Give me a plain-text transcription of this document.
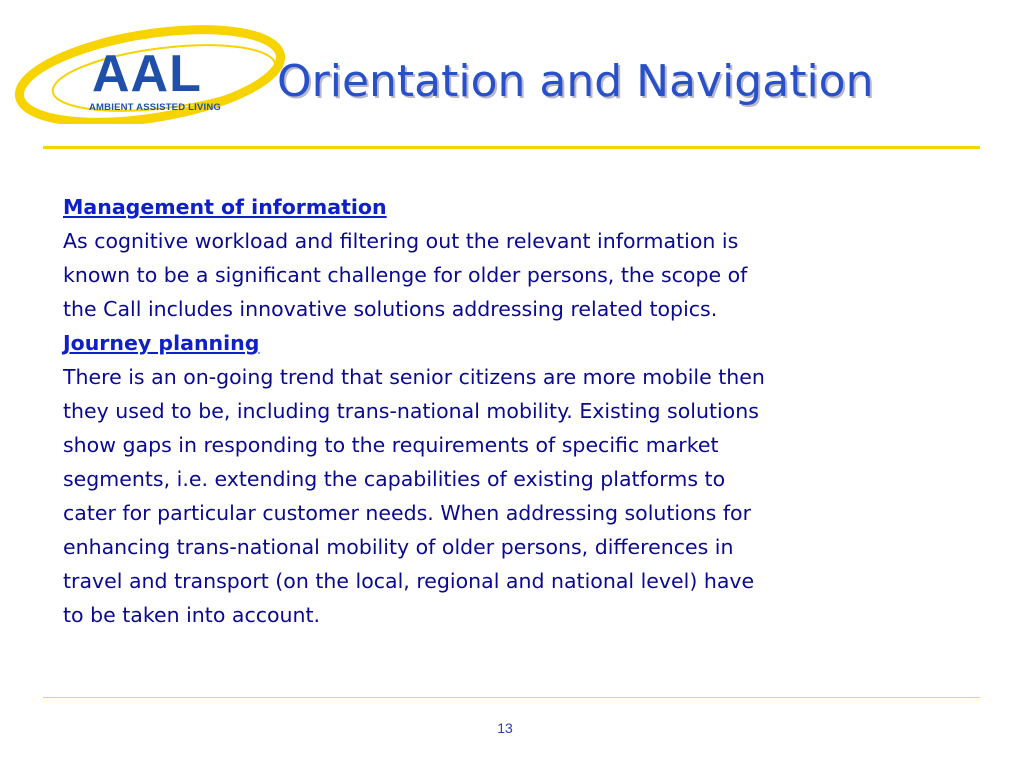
AAL
AMBIENT ASSISTED LIVING
Orientation and Navigation

Management of information

As cognitive workload and filtering out the relevant information is
known to be a significant challenge for older persons, the scope of
the Call includes innovative solutions addressing related topics.

Journey planning

There is an on-going trend that senior citizens are more mobile then
they used to be, including trans-national mobility. Existing solutions
show gaps in responding to the requirements of specific market
segments, i.e. extending the capabilities of existing platforms to
cater for particular customer needs. When addressing solutions for
enhancing trans-national mobility of older persons, differences in
travel and transport (on the local, regional and national level) have
to be taken into account.

13
